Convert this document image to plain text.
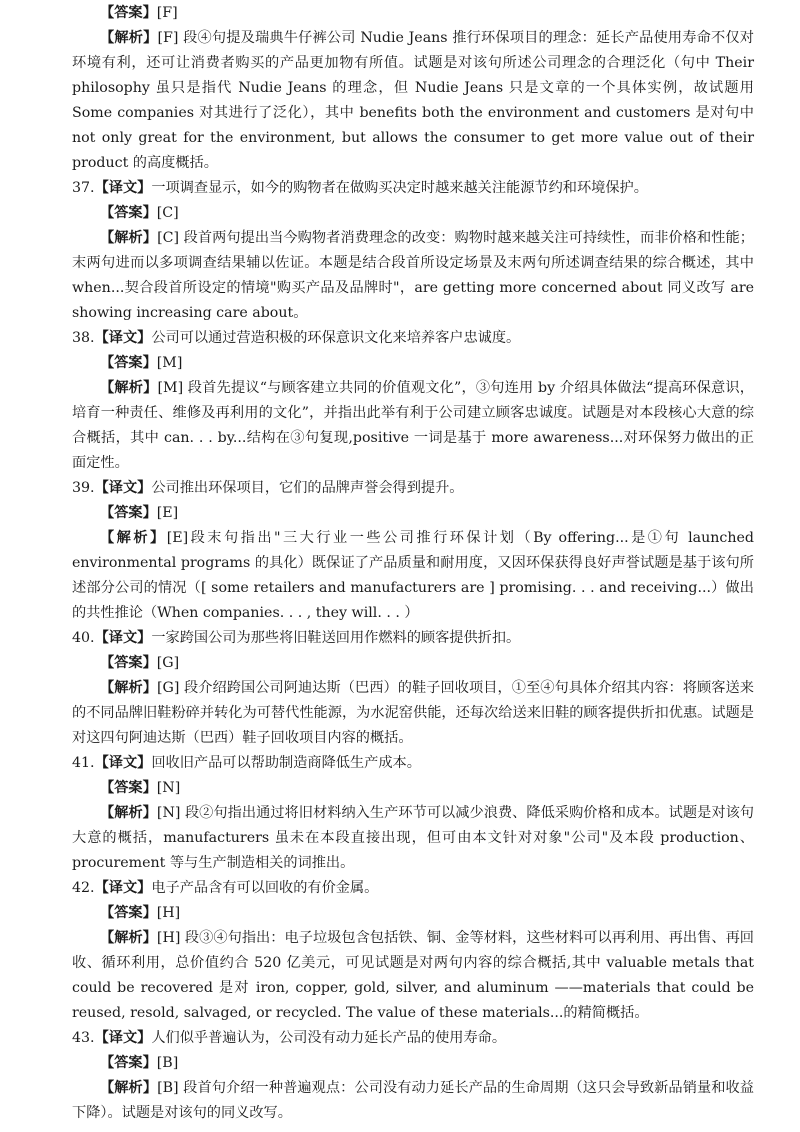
【答案】[F]

【解析】[F] 段④句提及瑞典牛仔裤公司 Nudie Jeans 推行环保项目的理念：延长产品使用寿命不仅对环境有利，还可让消费者购买的产品更加物有所值。试题是对该句所述公司理念的合理泛化（句中 Their philosophy 虽只是指代 Nudie Jeans 的理念，但 Nudie Jeans 只是文章的一个具体实例，故试题用 Some companies 对其进行了泛化），其中 benefits both the environment and customers 是对句中 not only great for the environment, but allows the consumer to get more value out of their product 的高度概括。

37.【译文】一项调查显示，如今的购物者在做购买决定时越来越关注能源节约和环境保护。

【答案】[C]

【解析】[C] 段首两句提出当今购物者消费理念的改变：购物时越来越关注可持续性，而非价格和性能；末两句进而以多项调查结果辅以佐证。本题是结合段首所设定场景及末两句所述调查结果的综合概述，其中 when...契合段首所设定的情境"购买产品及品牌时"，are getting more concerned about 同义改写 are showing increasing care about。

38.【译文】公司可以通过营造积极的环保意识文化来培养客户忠诚度。

【答案】[M]

【解析】[M] 段首先提议“与顾客建立共同的价值观文化”，③句连用 by 介绍具体做法“提高环保意识，培育一种责任、维修及再利用的文化”，并指出此举有利于公司建立顾客忠诚度。试题是对本段核心大意的综合概括，其中 can. . . by...结构在③句复现,positive 一词是基于 more awareness...对环保努力做出的正面定性。

39.【译文】公司推出环保项目，它们的品牌声誉会得到提升。

【答案】[E]

【解析】[E]段末句指出"三大行业一些公司推行环保计划（By offering...是①句 launched environmental programs 的具化）既保证了产品质量和耐用度，又因环保获得良好声誉试题是基于该句所述部分公司的情况（[ some retailers and manufacturers are ] promising. . . and receiving...）做出的共性推论（When companies. . . , they will. . . ）

40.【译文】一家跨国公司为那些将旧鞋送回用作燃料的顾客提供折扣。

【答案】[G]

【解析】[G] 段介绍跨国公司阿迪达斯（巴西）的鞋子回收项目，①至④句具体介绍其内容：将顾客送来的不同品牌旧鞋粉碎并转化为可替代性能源，为水泥窑供能，还每次给送来旧鞋的顾客提供折扣优惠。试题是对这四句阿迪达斯（巴西）鞋子回收项目内容的概括。

41.【译文】回收旧产品可以帮助制造商降低生产成本。

【答案】[N]

【解析】[N] 段②句指出通过将旧材料纳入生产环节可以减少浪费、降低采购价格和成本。试题是对该句大意的概括，manufacturers 虽未在本段直接出现，但可由本文针对对象"公司"及本段 production、procurement 等与生产制造相关的词推出。

42.【译文】电子产品含有可以回收的有价金属。

【答案】[H]

【解析】[H] 段③④句指出：电子垃圾包含包括铁、铜、金等材料，这些材料可以再利用、再出售、再回收、循环利用，总价值约合 520 亿美元，可见试题是对两句内容的综合概括,其中 valuable metals that could be recovered 是对 iron, copper, gold, silver, and aluminum ——materials that could be reused, resold, salvaged, or recycled. The value of these materials...的精简概括。

43.【译文】人们似乎普遍认为，公司没有动力延长产品的使用寿命。

【答案】[B]

【解析】[B] 段首句介绍一种普遍观点：公司没有动力延长产品的生命周期（这只会导致新品销量和收益下降）。试题是对该句的同义改写。
